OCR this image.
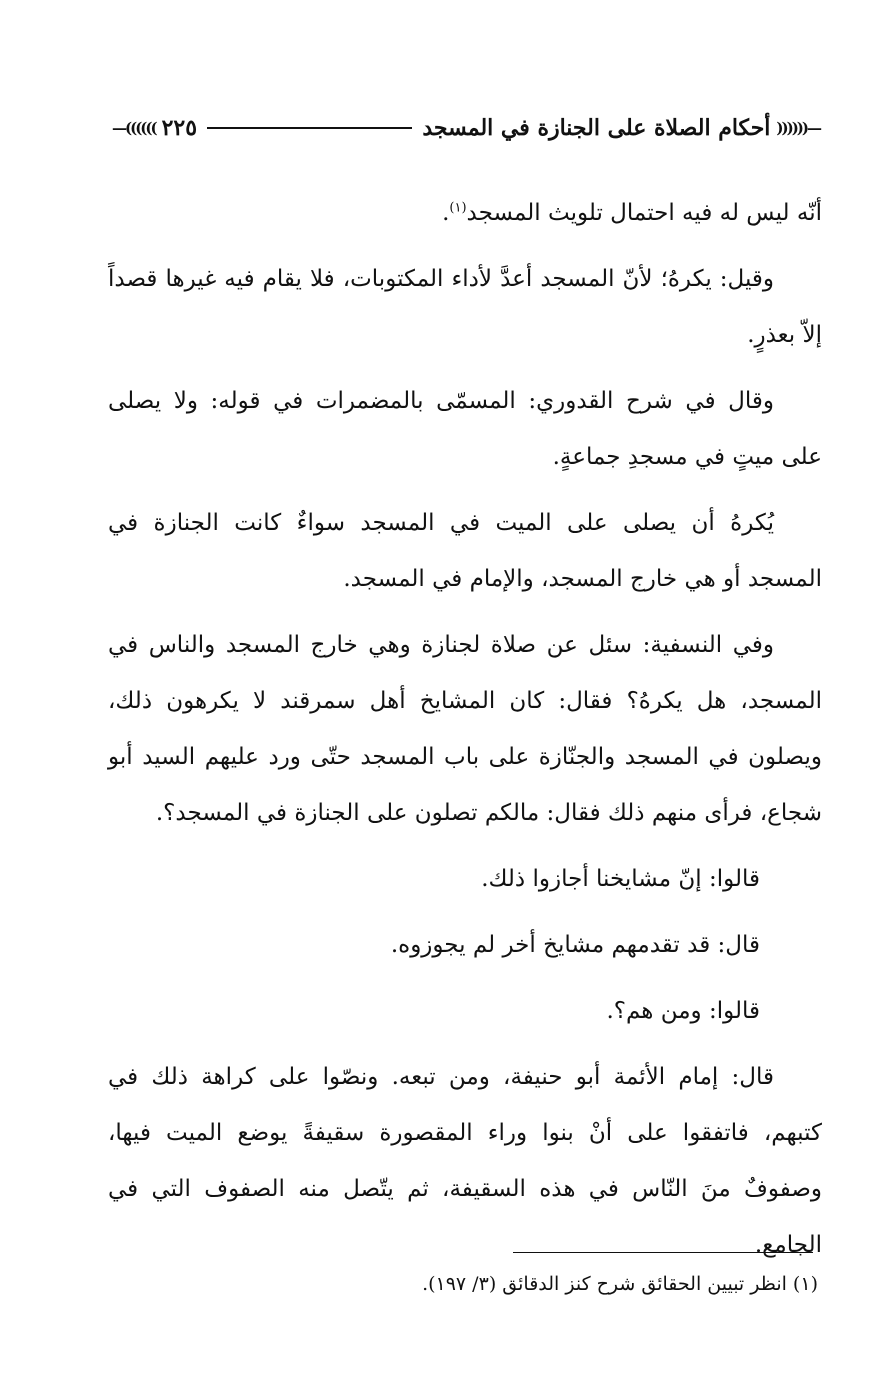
—((((((
أحكام الصلاة على الجنازة في المسجد
٢٢٥
))))))—

أنّه ليس له فيه احتمال تلويث المسجد$^{(١)}$.

وقيل: يكرهُ؛ لأنّ المسجد أعدَّ لأداء المكتوبات، فلا يقام فيه غيرها قصداً إلاّ بعذرٍ.

وقال في شرح القدوري: المسمّى بالمضمرات في قوله: ولا يصلى على ميتٍ في مسجدِ جماعةٍ.

يُكرهُ أن يصلى على الميت في المسجد سواءٌ كانت الجنازة في المسجد أو هي خارج المسجد، والإمام في المسجد.

وفي النسفية: سئل عن صلاة لجنازة وهي خارج المسجد والناس في المسجد، هل يكرهُ؟ فقال: كان المشايخ أهل سمرقند لا يكرهون ذلك، ويصلون في المسجد والجنّازة على باب المسجد حتّى ورد عليهم السيد أبو شجاع، فرأى منهم ذلك فقال: مالكم تصلون على الجنازة في المسجد؟.

قالوا: إنّ مشايخنا أجازوا ذلك.

قال: قد تقدمهم مشايخ أخر لم يجوزوه.

قالوا: ومن هم؟.

قال: إمام الأئمة أبو حنيفة، ومن تبعه. ونصّوا على كراهة ذلك في كتبهم، فاتفقوا على أنْ بنوا وراء المقصورة سقيفةً يوضع الميت فيها، وصفوفٌ منَ النّاس في هذه السقيفة، ثم يتّصل منه الصفوف التي في الجامع.

(١) انظر تبيين الحقائق شرح كنز الدقائق (٣/ ١٩٧).
